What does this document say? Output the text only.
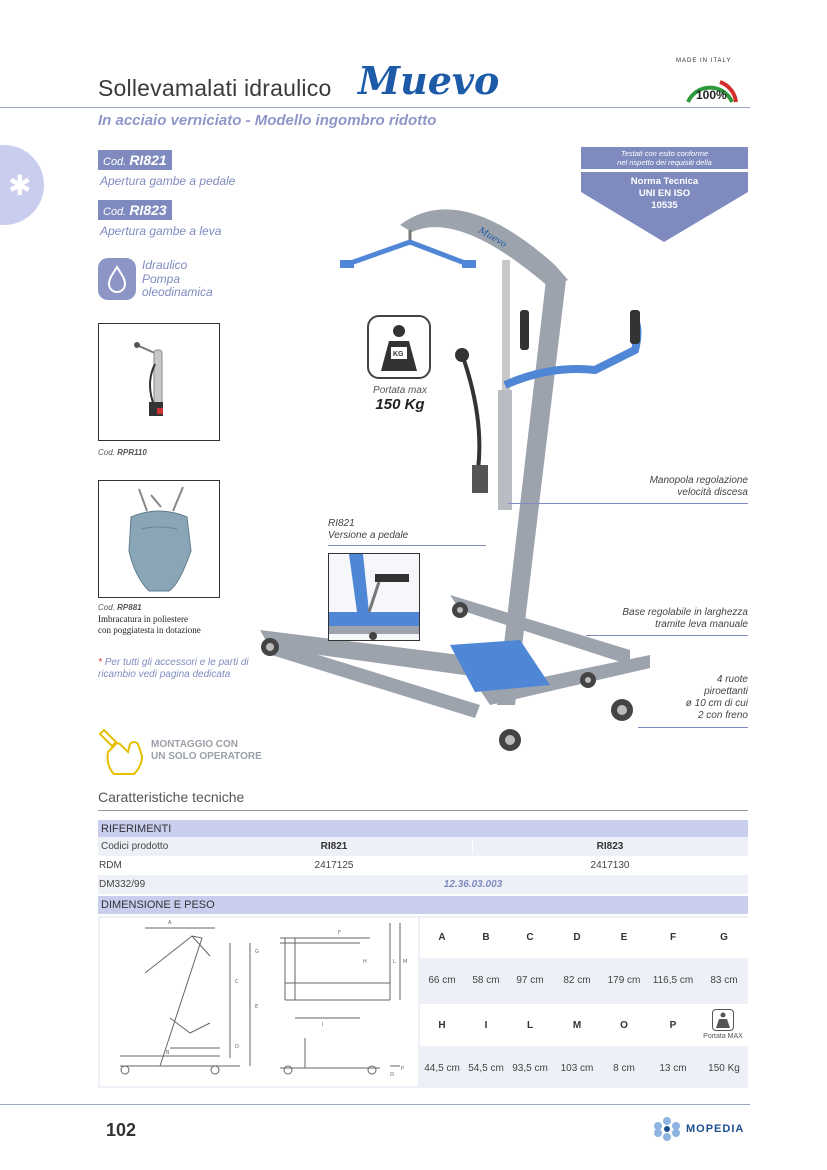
Sollevamalati idraulico Muevo	MADE IN ITALY
100%
In acciaio verniciato - Modello ingombro ridotto
✱
Cod. RI821
Apertura gambe a pedale
Cod. RI823
Apertura gambe a leva
Idraulico
Pompa
oleodinamica
Cod. RPR110
Cod. RP881
Imbracatura in poliestere
con poggiatesta in dotazione
* Per tutti gli accessori e le parti di ricambio vedi pagina dedicata
MONTAGGIO CON
UN SOLO OPERATORE
Testati con esito conforme
nel rispetto dei requisiti della
Norma Tecnica
UNI EN ISO
10535
Muevo
KG
Portata max
150 Kg
Manopola regolazione
velocità discesa
RI821
Versione a pedale
Base regolabile in larghezza
tramite leva manuale
4 ruote
piroettanti
ø 10 cm di cui
2 con freno
Caratteristiche tecniche
RIFERIMENTI
Codici prodotto	RI821	RI823
RDM	2417125	2417130
DM332/99	12.36.03.003
DIMENSIONE E PESO
A
B
C
D
E
F
G
H
I
L M
O
P
A	B	C	D	E	F	G
66 cm	58 cm	97 cm	82 cm	179 cm	116,5 cm	83 cm
H	I	L	M	O	P
Portata MAX
44,5 cm 54,5 cm 93,5 cm	103 cm	8 cm	13 cm	150 Kg
102	MOPEDIA
